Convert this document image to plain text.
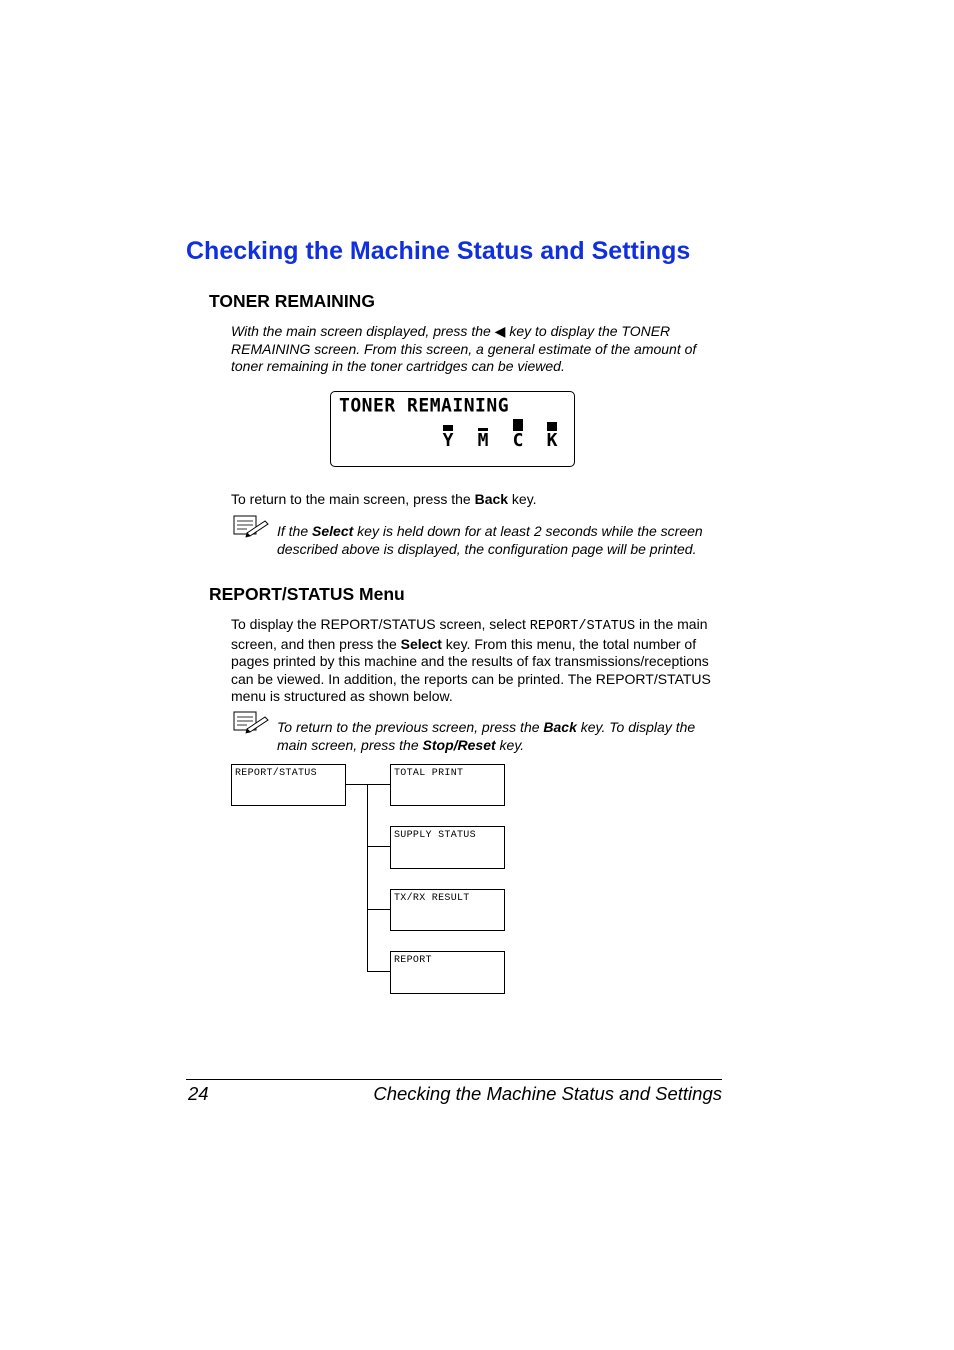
Checking the Machine Status and Settings
TONER REMAINING
With the main screen displayed, press the ◀ key to display the TONER REMAINING screen. From this screen, a general estimate of the amount of toner remaining in the toner cartridges can be viewed.
TONER REMAINING
Y M C K
To return to the main screen, press the Back key.
If the Select key is held down for at least 2 seconds while the screen described above is displayed, the configuration page will be printed.
REPORT/STATUS Menu
To display the REPORT/STATUS screen, select REPORT/STATUS in the main screen, and then press the Select key. From this menu, the total number of pages printed by this machine and the results of fax transmissions/receptions can be viewed. In addition, the reports can be printed. The REPORT/STATUS menu is structured as shown below.
To return to the previous screen, press the Back key. To display the main screen, press the Stop/Reset key.
REPORT/STATUS	TOTAL PRINT
SUPPLY STATUS
TX/RX RESULT
REPORT
24	Checking the Machine Status and Settings
